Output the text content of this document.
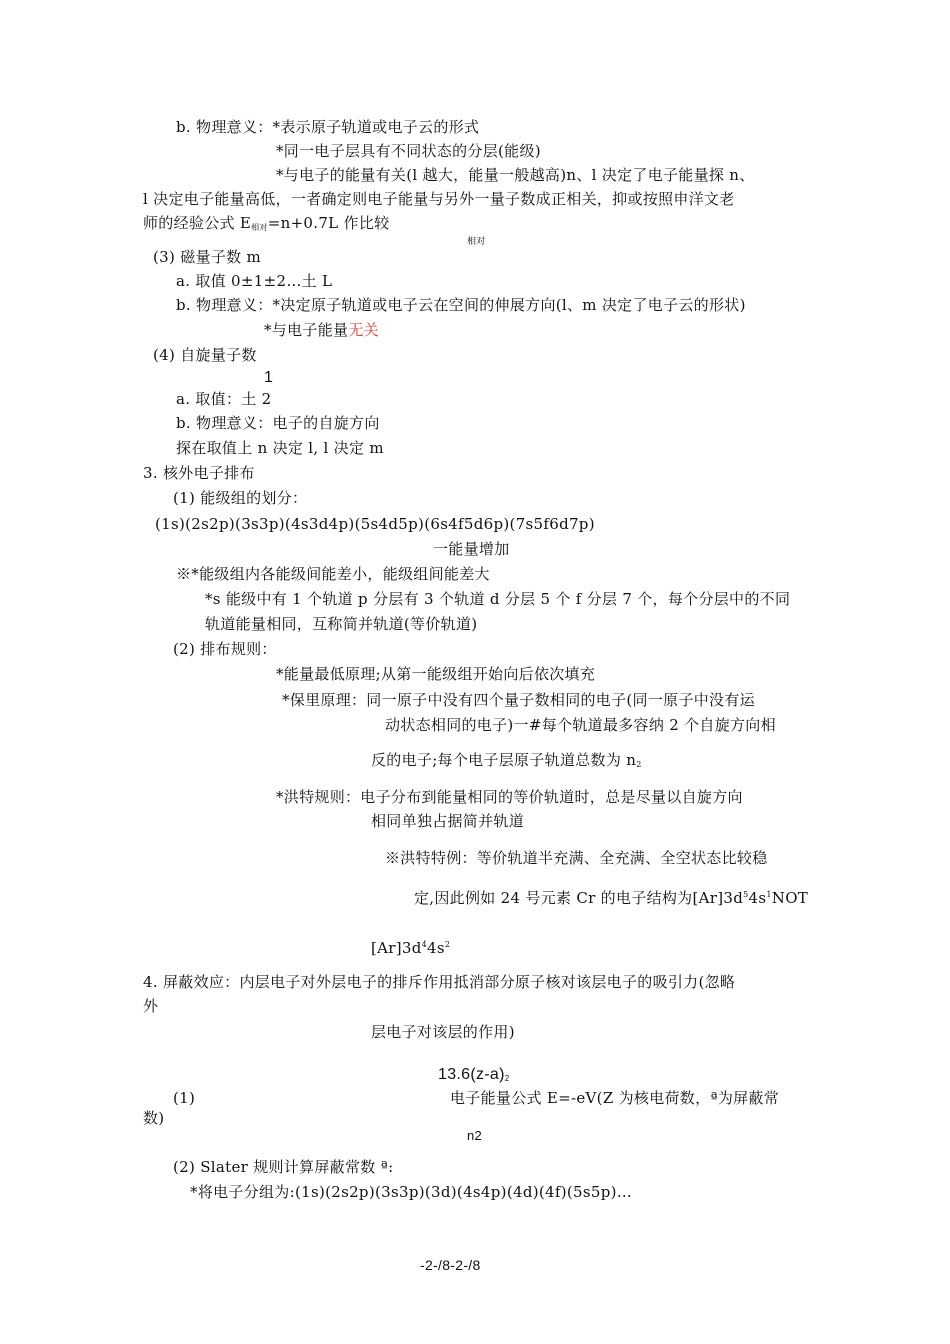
b. 物理意义：*表示原子轨道或电子云的形式
*同一电子层具有不同状态的分层(能级)
*与电子的能量有关(l 越大，能量一般越高)n、l 决定了电子能量探 n、
l 决定电子能量高低，一者确定则电子能量与另外一量子数成正相关，抑或按照申洋文老
师的经验公式 $E_{相对}=n+0.7L$ 作比较
相对
(3) 磁量子数 m
a. 取值 0±1±2…土 L
b. 物理意义：*决定原子轨道或电子云在空间的伸展方向(l、m 决定了电子云的形状)
*与电子能量无关
(4) 自旋量子数
1
a. 取值：土 2
b. 物理意义：电子的自旋方向
探在取值上 n 决定 l, l 决定 m
3. 核外电子排布
(1) 能级组的划分：
(1s)(2s2p)(3s3p)(4s3d4p)(5s4d5p)(6s4f5d6p)(7s5f6d7p)
一能量增加
※*能级组内各能级间能差小，能级组间能差大
*s 能级中有 1 个轨道 p 分层有 3 个轨道 d 分层 5 个 f 分层 7 个，每个分层中的不同
轨道能量相同，互称简并轨道(等价轨道)
(2) 排布规则：
*能量最低原理;从第一能级组开始向后依次填充
*保里原理：同一原子中没有四个量子数相同的电子(同一原子中没有运
动状态相同的电子)一#每个轨道最多容纳 2 个自旋方向相
反的电子;每个电子层原子轨道总数为 $n_2$
*洪特规则：电子分布到能量相同的等价轨道时，总是尽量以自旋方向
相同单独占据简并轨道
※洪特特例：等价轨道半充满、全充满、全空状态比较稳
定,因此例如 24 号元素 Cr 的电子结构为$[Ar]3d^54s^1NOT$
$[Ar]3d^44s^2$
4. 屏蔽效应：内层电子对外层电子的排斥作用抵消部分原子核对该层电子的吸引力(忽略
外
层电子对该层的作用)
$13.6(z-a)_2$
(1)	电子能量公式 E=-eV(Z 为核电荷数，ª为屏蔽常
数)
n2
(2) Slater 规则计算屏蔽常数 ª:
*将电子分组为:(1s)(2s2p)(3s3p)(3d)(4s4p)(4d)(4f)(5s5p)…
-2-/8-2-/8
